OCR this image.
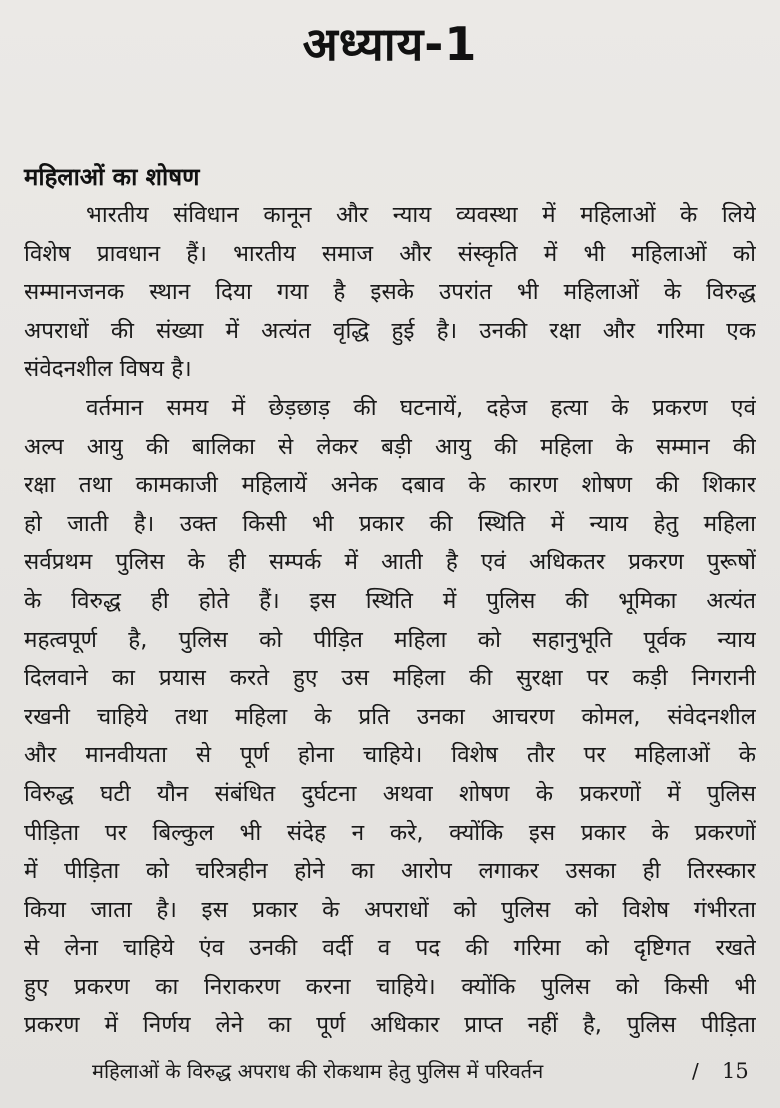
अध्याय-1
महिलाओं का शोषण
भारतीय संविधान कानून और न्याय व्यवस्था में महिलाओं के लिये
विशेष प्रावधान हैं। भारतीय समाज और संस्कृति में भी महिलाओं को
सम्मानजनक स्थान दिया गया है इसके उपरांत भी महिलाओं के विरुद्ध
अपराधों की संख्या में अत्यंत वृद्धि हुई है। उनकी रक्षा और गरिमा एक
संवेदनशील विषय है।
वर्तमान समय में छेड़छाड़ की घटनायें, दहेज हत्या के प्रकरण एवं
अल्प आयु की बालिका से लेकर बड़ी आयु की महिला के सम्मान की
रक्षा तथा कामकाजी महिलायें अनेक दबाव के कारण शोषण की शिकार
हो जाती है। उक्त किसी भी प्रकार की स्थिति में न्याय हेतु महिला
सर्वप्रथम पुलिस के ही सम्पर्क में आती है एवं अधिकतर प्रकरण पुरूषों
के विरुद्ध ही होते हैं। इस स्थिति में पुलिस की भूमिका अत्यंत
महत्वपूर्ण है, पुलिस को पीड़ित महिला को सहानुभूति पूर्वक न्याय
दिलवाने का प्रयास करते हुए उस महिला की सुरक्षा पर कड़ी निगरानी
रखनी चाहिये तथा महिला के प्रति उनका आचरण कोमल, संवेदनशील
और मानवीयता से पूर्ण होना चाहिये। विशेष तौर पर महिलाओं के
विरुद्ध घटी यौन संबंधित दुर्घटना अथवा शोषण के प्रकरणों में पुलिस
पीड़िता पर बिल्कुल भी संदेह न करे, क्योंकि इस प्रकार के प्रकरणों
में पीड़िता को चरित्रहीन होने का आरोप लगाकर उसका ही तिरस्कार
किया जाता है। इस प्रकार के अपराधों को पुलिस को विशेष गंभीरता
से लेना चाहिये एंव उनकी वर्दी व पद की गरिमा को दृष्टिगत रखते
हुए प्रकरण का निराकरण करना चाहिये। क्योंकि पुलिस को किसी भी
प्रकरण में निर्णय लेने का पूर्ण अधिकार प्राप्त नहीं है, पुलिस पीड़िता
महिलाओं के विरुद्ध अपराध की रोकथाम हेतु पुलिस में परिवर्तन	/ 15
